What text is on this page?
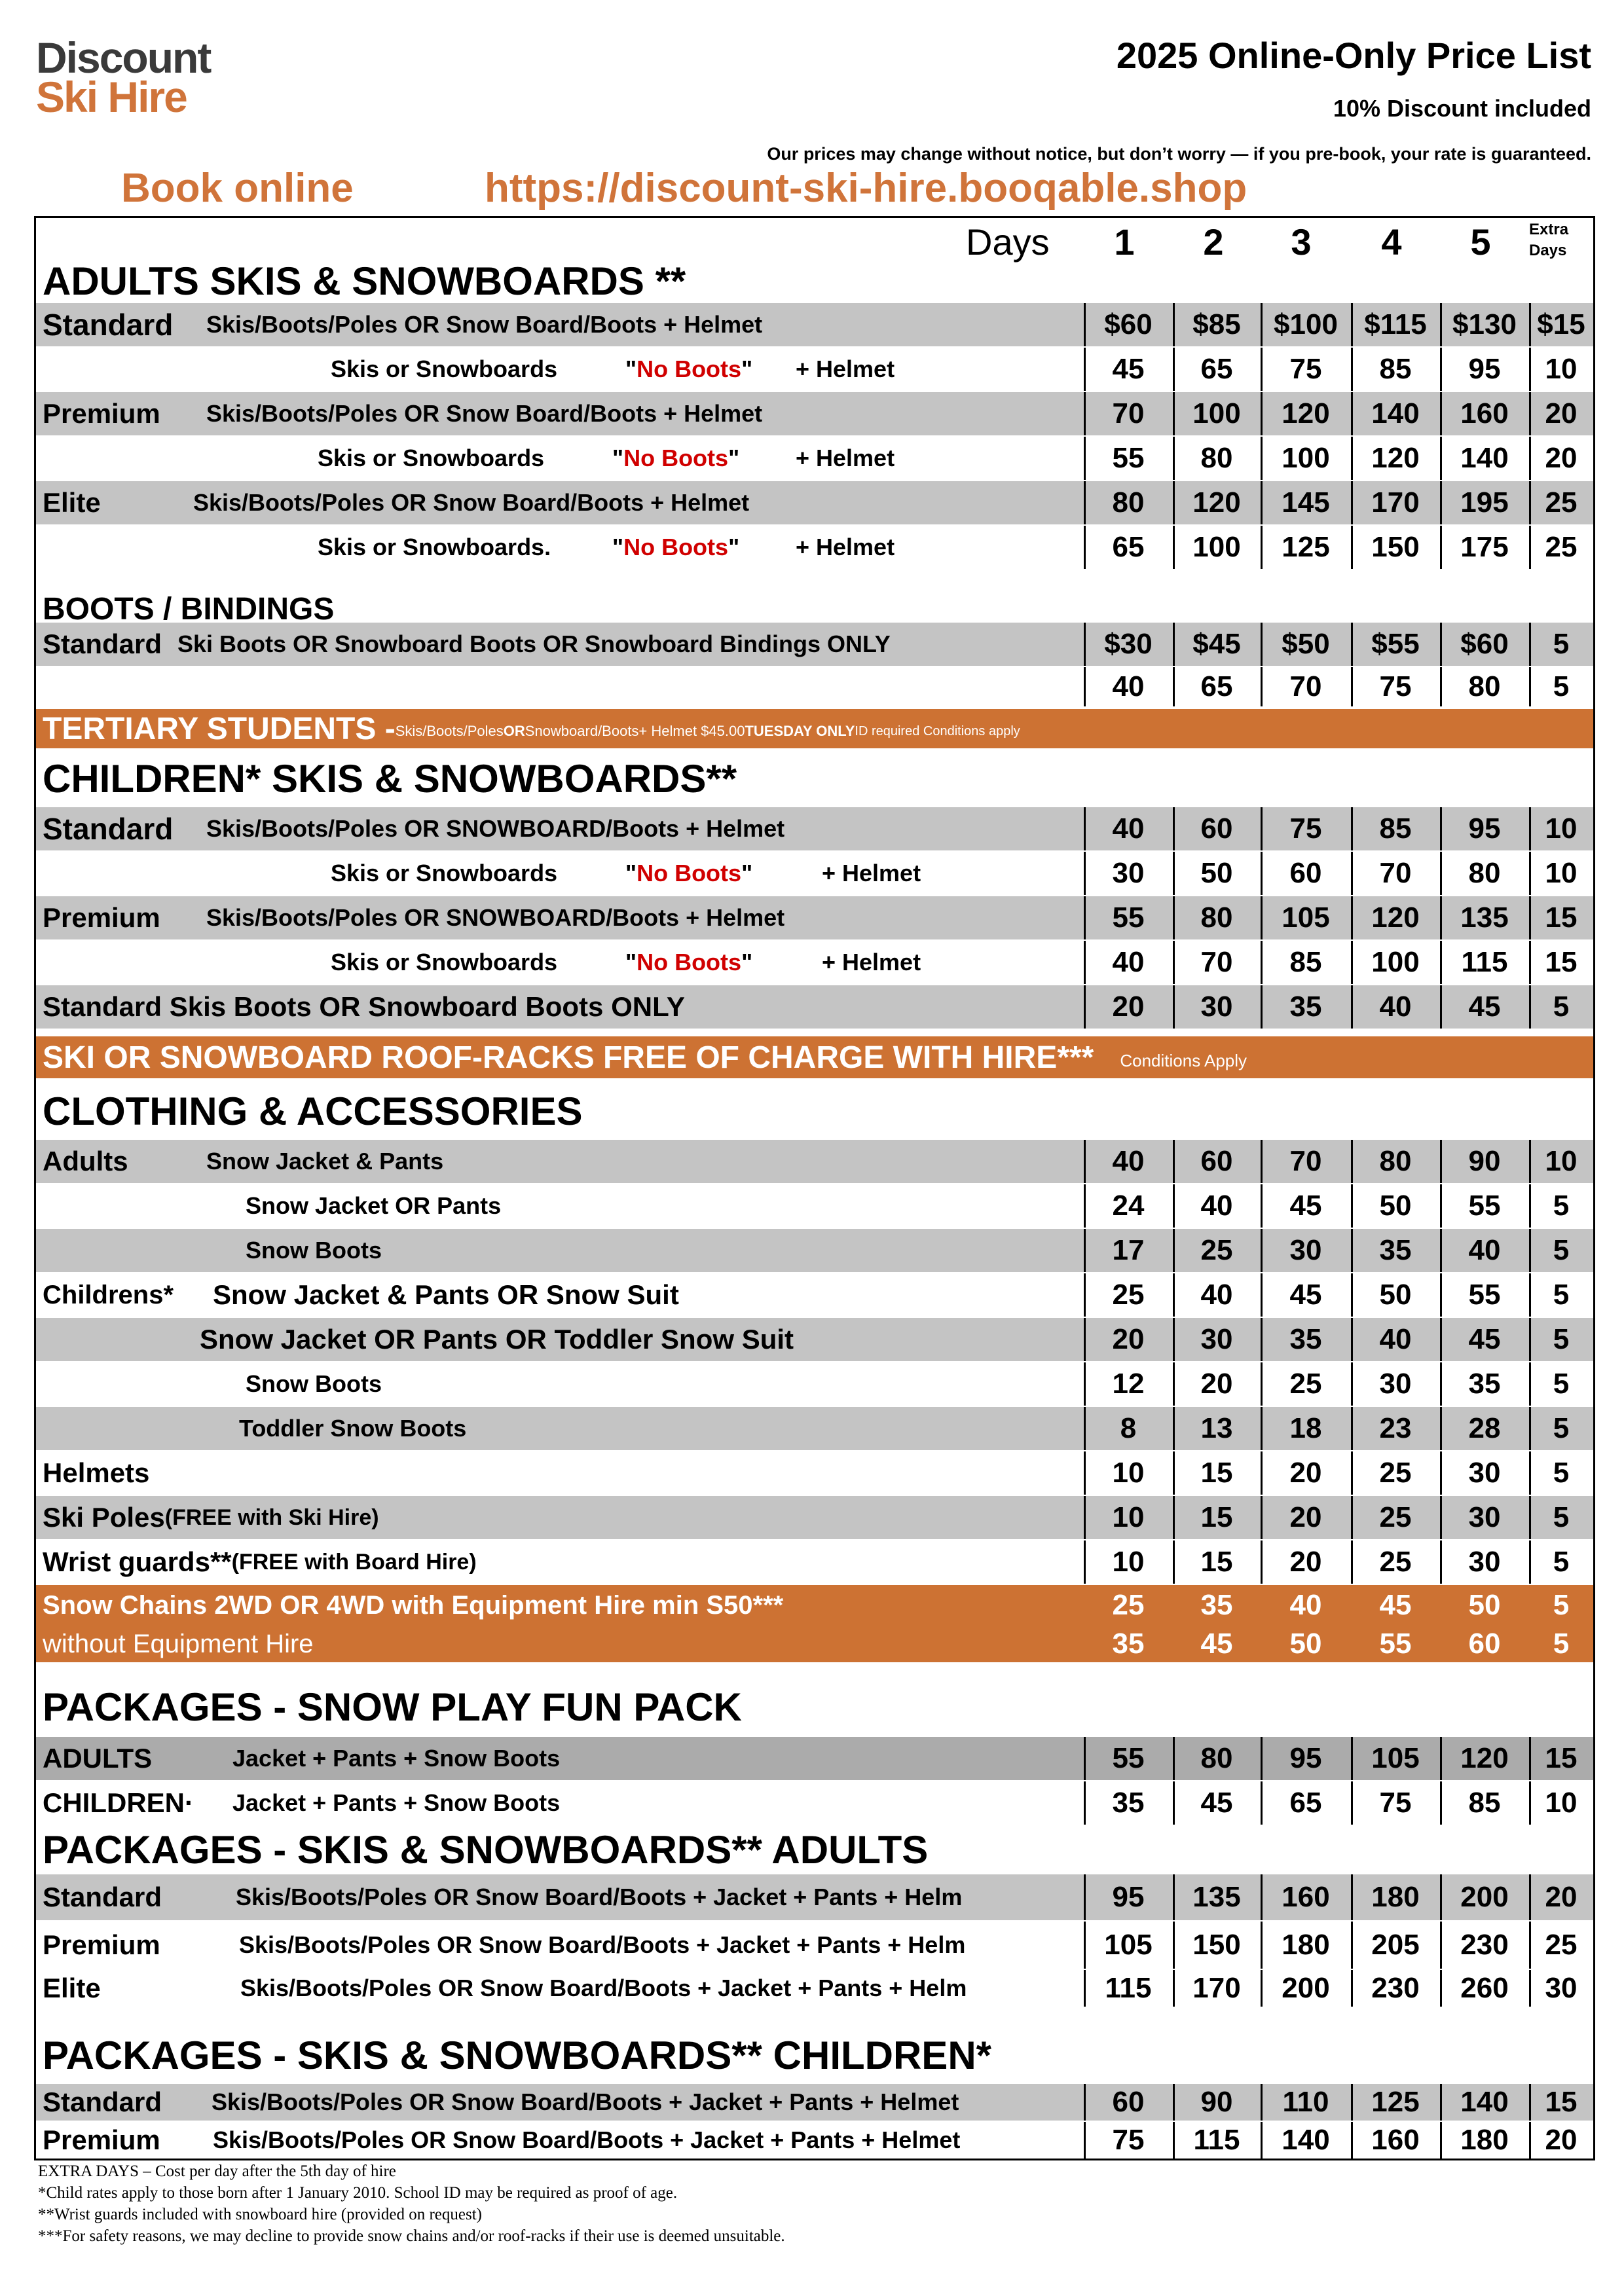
Discount
Ski Hire
2025 Online-Only Price List
10% Discount included
Our prices may change without notice, but don’t worry — if you pre-book, your rate is guaranteed.
Book online	https://discount-ski-hire.booqable.shop
Days	1	2	3	4	5	Extra
Days
ADULTS SKIS & SNOWBOARDS **
Standard Skis/Boots/Poles OR Snow Board/Boots + Helmet	$60	$85	$100 $115 $130 $15
Skis or Snowboards	" No Boots " + Helmet	45	65	75	85	95	10
Premium Skis/Boots/Poles OR Snow Board/Boots + Helmet	70	100	120	140	160	20
Skis or Snowboards	" No Boots " + Helmet	55	80	100	120	140	20
Elite	Skis/Boots/Poles OR Snow Board/Boots + Helmet	80	120	145	170	195	25
Skis or Snowboards.	" No Boots " + Helmet	65	100	125	150	175	25
Standard Ski Boots OR Snowboard Boots OR Snowboard Bindings ONLY	$30	$45	$50	$55	$60	5
40	65	70	75	80	5
Standard Skis/Boots/Poles OR SNOWBOARD/Boots + Helmet	40	60	75	85	95	10
Skis or Snowboards	" No Boots "	+ Helmet	30	50	60	70	80	10
Premium Skis/Boots/Poles OR SNOWBOARD/Boots + Helmet	55	80	105	120	135	15
Skis or Snowboards	" No Boots "	+ Helmet	40	70	85	100	115	15
Standard Skis Boots OR Snowboard Boots ONLY	20	30	35	40	45	5
Adults	Snow Jacket & Pants	40	60	70	80	90	10
Snow Jacket OR Pants	24	40	45	50	55	5
Snow Boots	17	25	30	35	40	5
Childrens* Snow Jacket & Pants OR Snow Suit	25	40	45	50	55	5
Snow Jacket OR Pants OR Toddler Snow Suit	20	30	35	40	45	5
Snow Boots	12	20	25	30	35	5
Toddler Snow Boots	8	13	18	23	28	5
Helmets	10	15	20	25	30	5
Ski Poles (FREE with Ski Hire)	10	15	20	25	30	5
Wrist guards** (FREE with Board Hire)	10	15	20	25	30	5
Snow Chains 2WD OR 4WD with Equipment Hire min S50***	25	35	40	45	50	5
without Equipment Hire	35	45	50	55	60	5
ADULTS	Jacket + Pants + Snow Boots	55	80	95	105	120	15
CHILDREN· Jacket + Pants + Snow Boots	35	45	65	75	85	10
Standard	Skis/Boots/Poles OR Snow Board/Boots + Jacket + Pants + Helm	95	135	160	180	200	20
Premium	Skis/Boots/Poles OR Snow Board/Boots + Jacket + Pants + Helm	105	150	180	205	230	25
Elite	Skis/Boots/Poles OR Snow Board/Boots + Jacket + Pants + Helm	115	170	200	230	260	30
Standard Skis/Boots/Poles OR Snow Board/Boots + Jacket + Pants + Helmet	60	90	110	125	140	15
Premium Skis/Boots/Poles OR Snow Board/Boots + Jacket + Pants + Helmet	75	115	140	160	180	20
BOOTS / BINDINGS
TERTIARY STUDENTS - Skis/Boots/Poles OR Snowboard/Boots+ Helmet $45.00 TUESDAY ONLY ID required Conditions apply
CHILDREN* SKIS & SNOWBOARDS**
SKI OR SNOWBOARD ROOF-RACKS FREE OF CHARGE WITH HIRE*** Conditions Apply
CLOTHING & ACCESSORIES
PACKAGES - SNOW PLAY FUN PACK
PACKAGES - SKIS & SNOWBOARDS** ADULTS
PACKAGES - SKIS & SNOWBOARDS** CHILDREN*
EXTRA DAYS – Cost per day after the 5th day of hire
*Child rates apply to those born after 1 January 2010. School ID may be required as proof of age.
**Wrist guards included with snowboard hire (provided on request)
***For safety reasons, we may decline to provide snow chains and/or roof-racks if their use is deemed unsuitable.
